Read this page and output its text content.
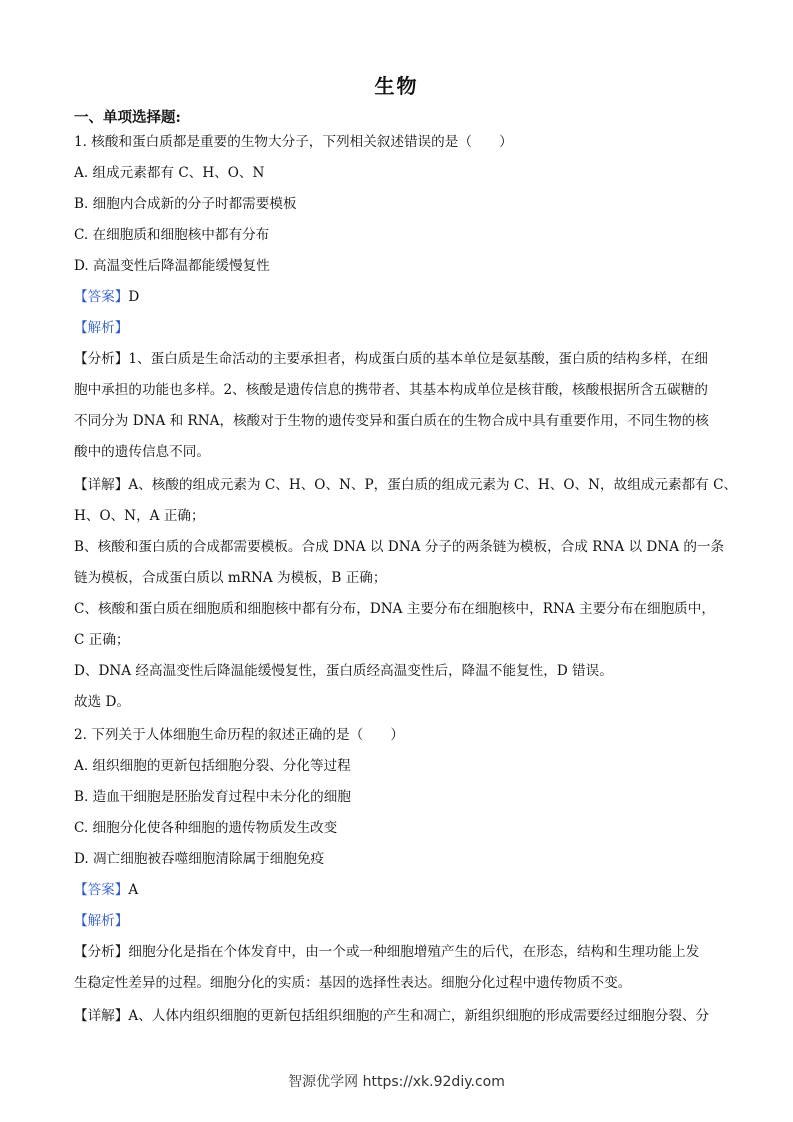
生物
一、单项选择题:
1. 核酸和蛋白质都是重要的生物大分子，下列相关叙述错误的是（　　）
A. 组成元素都有 C、H、O、N
B. 细胞内合成新的分子时都需要模板
C. 在细胞质和细胞核中都有分布
D. 高温变性后降温都能缓慢复性
【答案】D
【解析】
【分析】1、蛋白质是生命活动的主要承担者，构成蛋白质的基本单位是氨基酸，蛋白质的结构多样，在细
胞中承担的功能也多样。2、核酸是遗传信息的携带者、其基本构成单位是核苷酸，核酸根据所含五碳糖的
不同分为 DNA 和 RNA，核酸对于生物的遗传变异和蛋白质在的生物合成中具有重要作用，不同生物的核
酸中的遗传信息不同。
【详解】A、核酸的组成元素为 C、H、O、N、P，蛋白质的组成元素为 C、H、O、N，故组成元素都有 C、
H、O、N，A 正确；
B、核酸和蛋白质的合成都需要模板。合成 DNA 以 DNA 分子的两条链为模板，合成 RNA 以 DNA 的一条
链为模板，合成蛋白质以 mRNA 为模板，B 正确；
C、核酸和蛋白质在细胞质和细胞核中都有分布，DNA 主要分布在细胞核中，RNA 主要分布在细胞质中，
C 正确；
D、DNA 经高温变性后降温能缓慢复性，蛋白质经高温变性后，降温不能复性，D 错误。
故选 D。
2. 下列关于人体细胞生命历程的叙述正确的是（　　）
A. 组织细胞的更新包括细胞分裂、分化等过程
B. 造血干细胞是胚胎发育过程中未分化的细胞
C. 细胞分化使各种细胞的遗传物质发生改变
D. 凋亡细胞被吞噬细胞清除属于细胞免疫
【答案】A
【解析】
【分析】细胞分化是指在个体发育中，由一个或一种细胞增殖产生的后代，在形态，结构和生理功能上发
生稳定性差异的过程。细胞分化的实质：基因的选择性表达。细胞分化过程中遗传物质不变。
【详解】A、人体内组织细胞的更新包括组织细胞的产生和凋亡，新组织细胞的形成需要经过细胞分裂、分
智源优学网 https://xk.92diy.com
